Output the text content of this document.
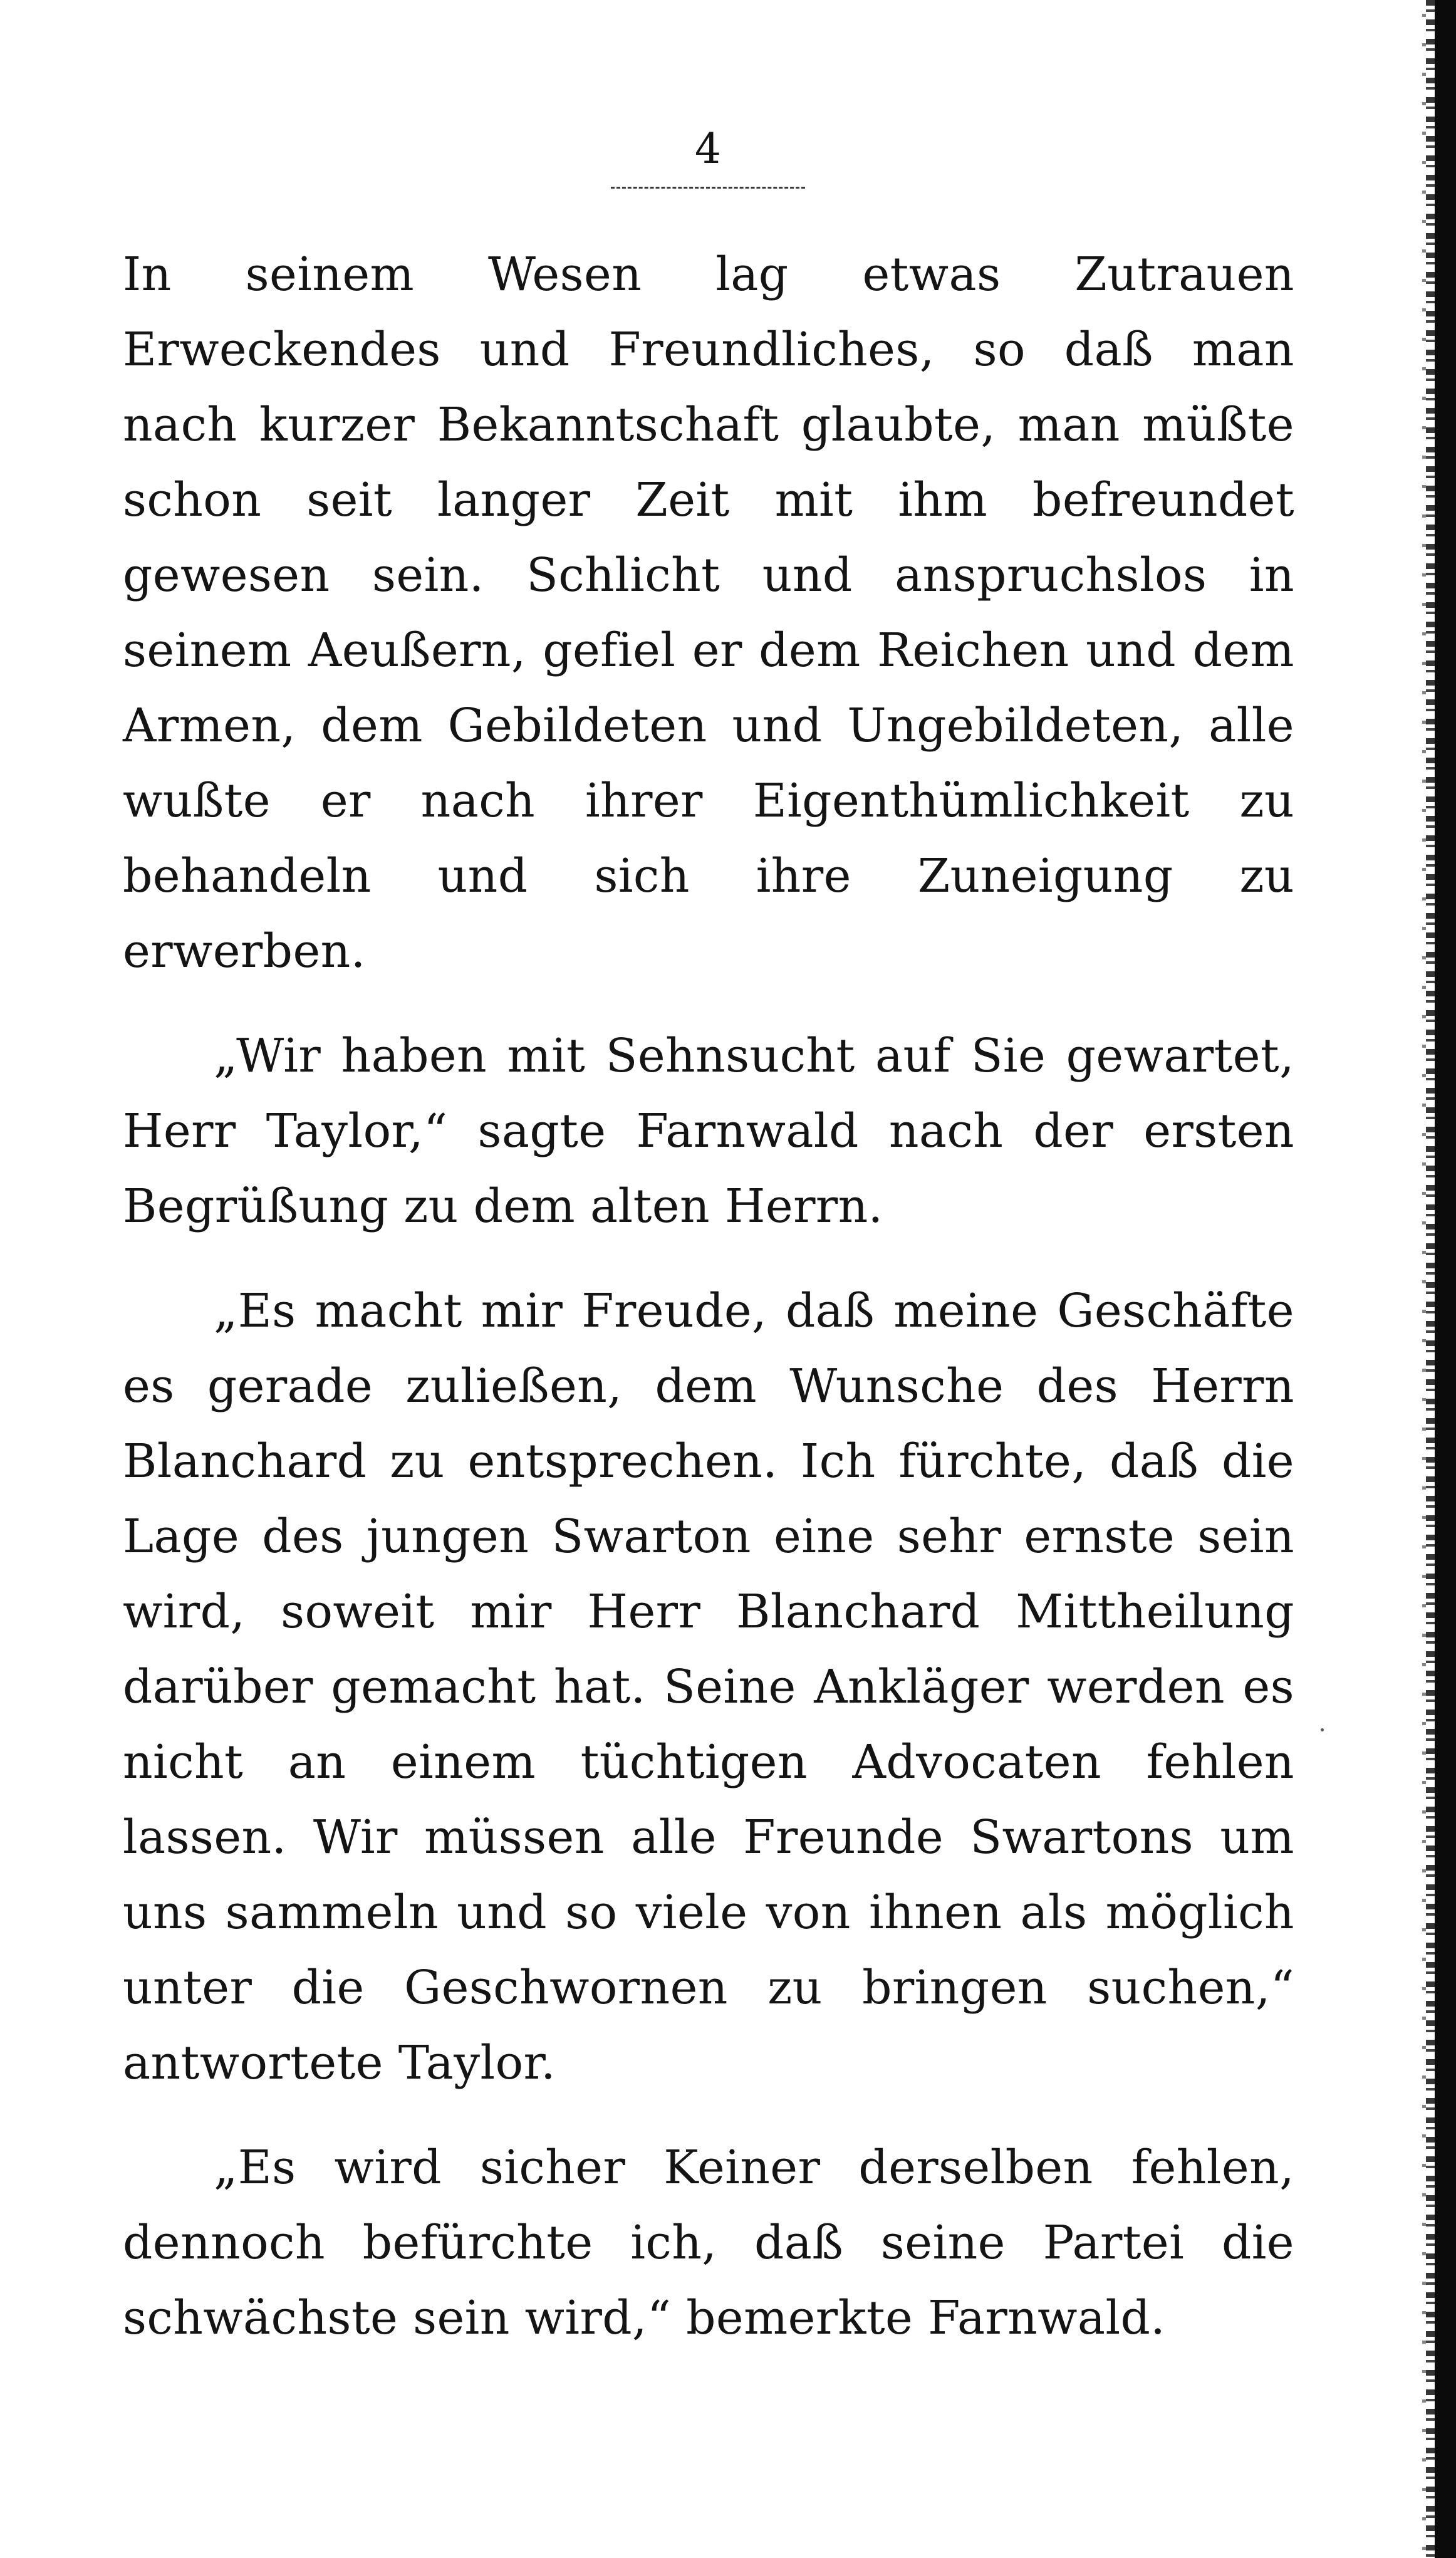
4

In seinem Wesen lag etwas Zutrauen Erweckendes und Freundliches, so daß man nach kurzer Bekanntschaft glaubte, man müßte schon seit langer Zeit mit ihm befreundet gewesen sein. Schlicht und anspruchslos in seinem Aeußern, gefiel er dem Reichen und dem Armen, dem Gebildeten und Ungebildeten, alle wußte er nach ihrer Eigenthümlichkeit zu behandeln und sich ihre Zuneigung zu erwerben.

„Wir haben mit Sehnsucht auf Sie gewartet, Herr Taylor,“ sagte Farnwald nach der ersten Begrüßung zu dem alten Herrn.

„Es macht mir Freude, daß meine Geschäfte es gerade zuließen, dem Wunsche des Herrn Blanchard zu entsprechen. Ich fürchte, daß die Lage des jungen Swarton eine sehr ernste sein wird, soweit mir Herr Blanchard Mittheilung darüber gemacht hat. Seine Ankläger werden es nicht an einem tüchtigen Advocaten fehlen lassen. Wir müssen alle Freunde Swartons um uns sammeln und so viele von ihnen als möglich unter die Geschwornen zu bringen suchen,“ antwortete Taylor.

„Es wird sicher Keiner derselben fehlen, dennoch befürchte ich, daß seine Partei die schwächste sein wird,“ bemerkte Farnwald.
